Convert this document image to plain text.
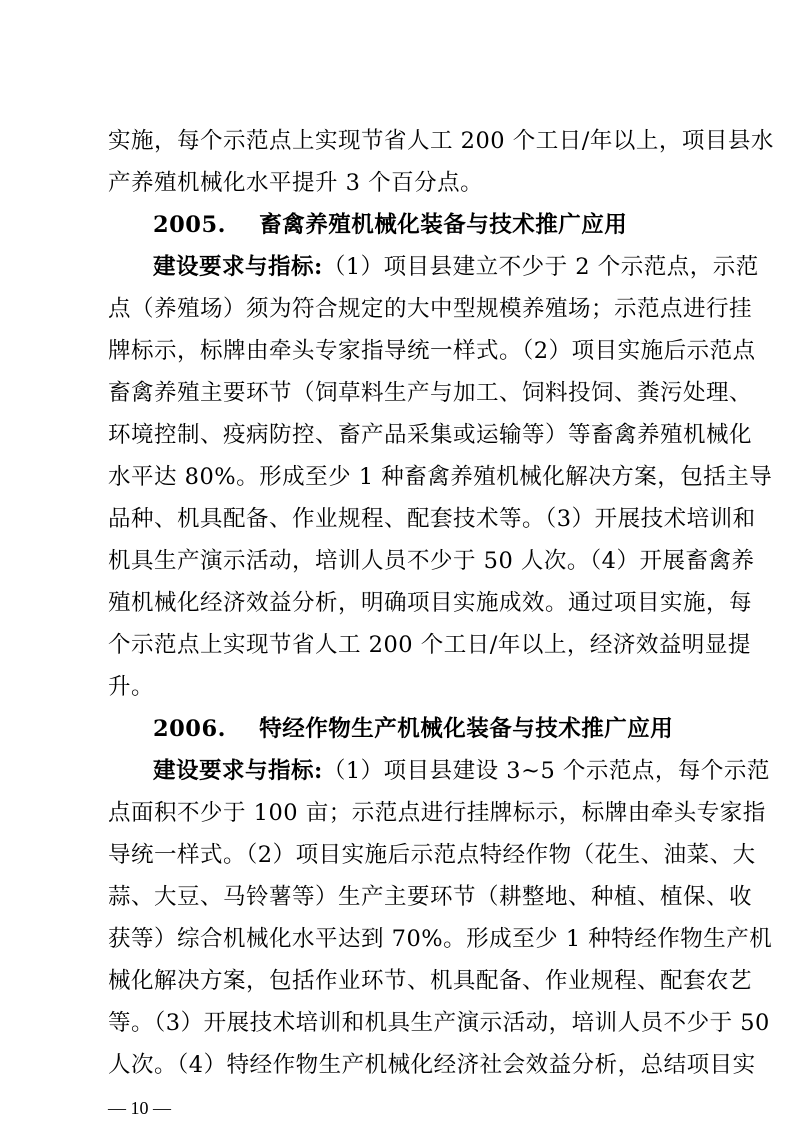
实施，每个示范点上实现节省人工 200 个工日/年以上，项目县水
产养殖机械化水平提升 3 个百分点。
2005.    畜禽养殖机械化装备与技术推广应用
建设要求与指标: （1）项目县建立不少于 2 个示范点，示范
点（养殖场）须为符合规定的大中型规模养殖场；示范点进行挂
牌标示，标牌由牵头专家指导统一样式。（2）项目实施后示范点
畜禽养殖主要环节（饲草料生产与加工、饲料投饲、粪污处理、
环境控制、疫病防控、畜产品采集或运输等）等畜禽养殖机械化
水平达 80%。形成至少 1 种畜禽养殖机械化解决方案，包括主导
品种、机具配备、作业规程、配套技术等。（3）开展技术培训和
机具生产演示活动，培训人员不少于 50 人次。（4）开展畜禽养
殖机械化经济效益分析，明确项目实施成效。通过项目实施，每
个示范点上实现节省人工 200 个工日/年以上，经济效益明显提
升。
2006.    特经作物生产机械化装备与技术推广应用
建设要求与指标: （1）项目县建设 3~5 个示范点，每个示范
点面积不少于 100 亩；示范点进行挂牌标示，标牌由牵头专家指
导统一样式。（2）项目实施后示范点特经作物（花生、油菜、大
蒜、大豆、马铃薯等）生产主要环节（耕整地、种植、植保、收
获等）综合机械化水平达到 70%。形成至少 1 种特经作物生产机
械化解决方案，包括作业环节、机具配备、作业规程、配套农艺
等。（3）开展技术培训和机具生产演示活动，培训人员不少于 50
人次。（4）特经作物生产机械化经济社会效益分析，总结项目实
— 10 —
